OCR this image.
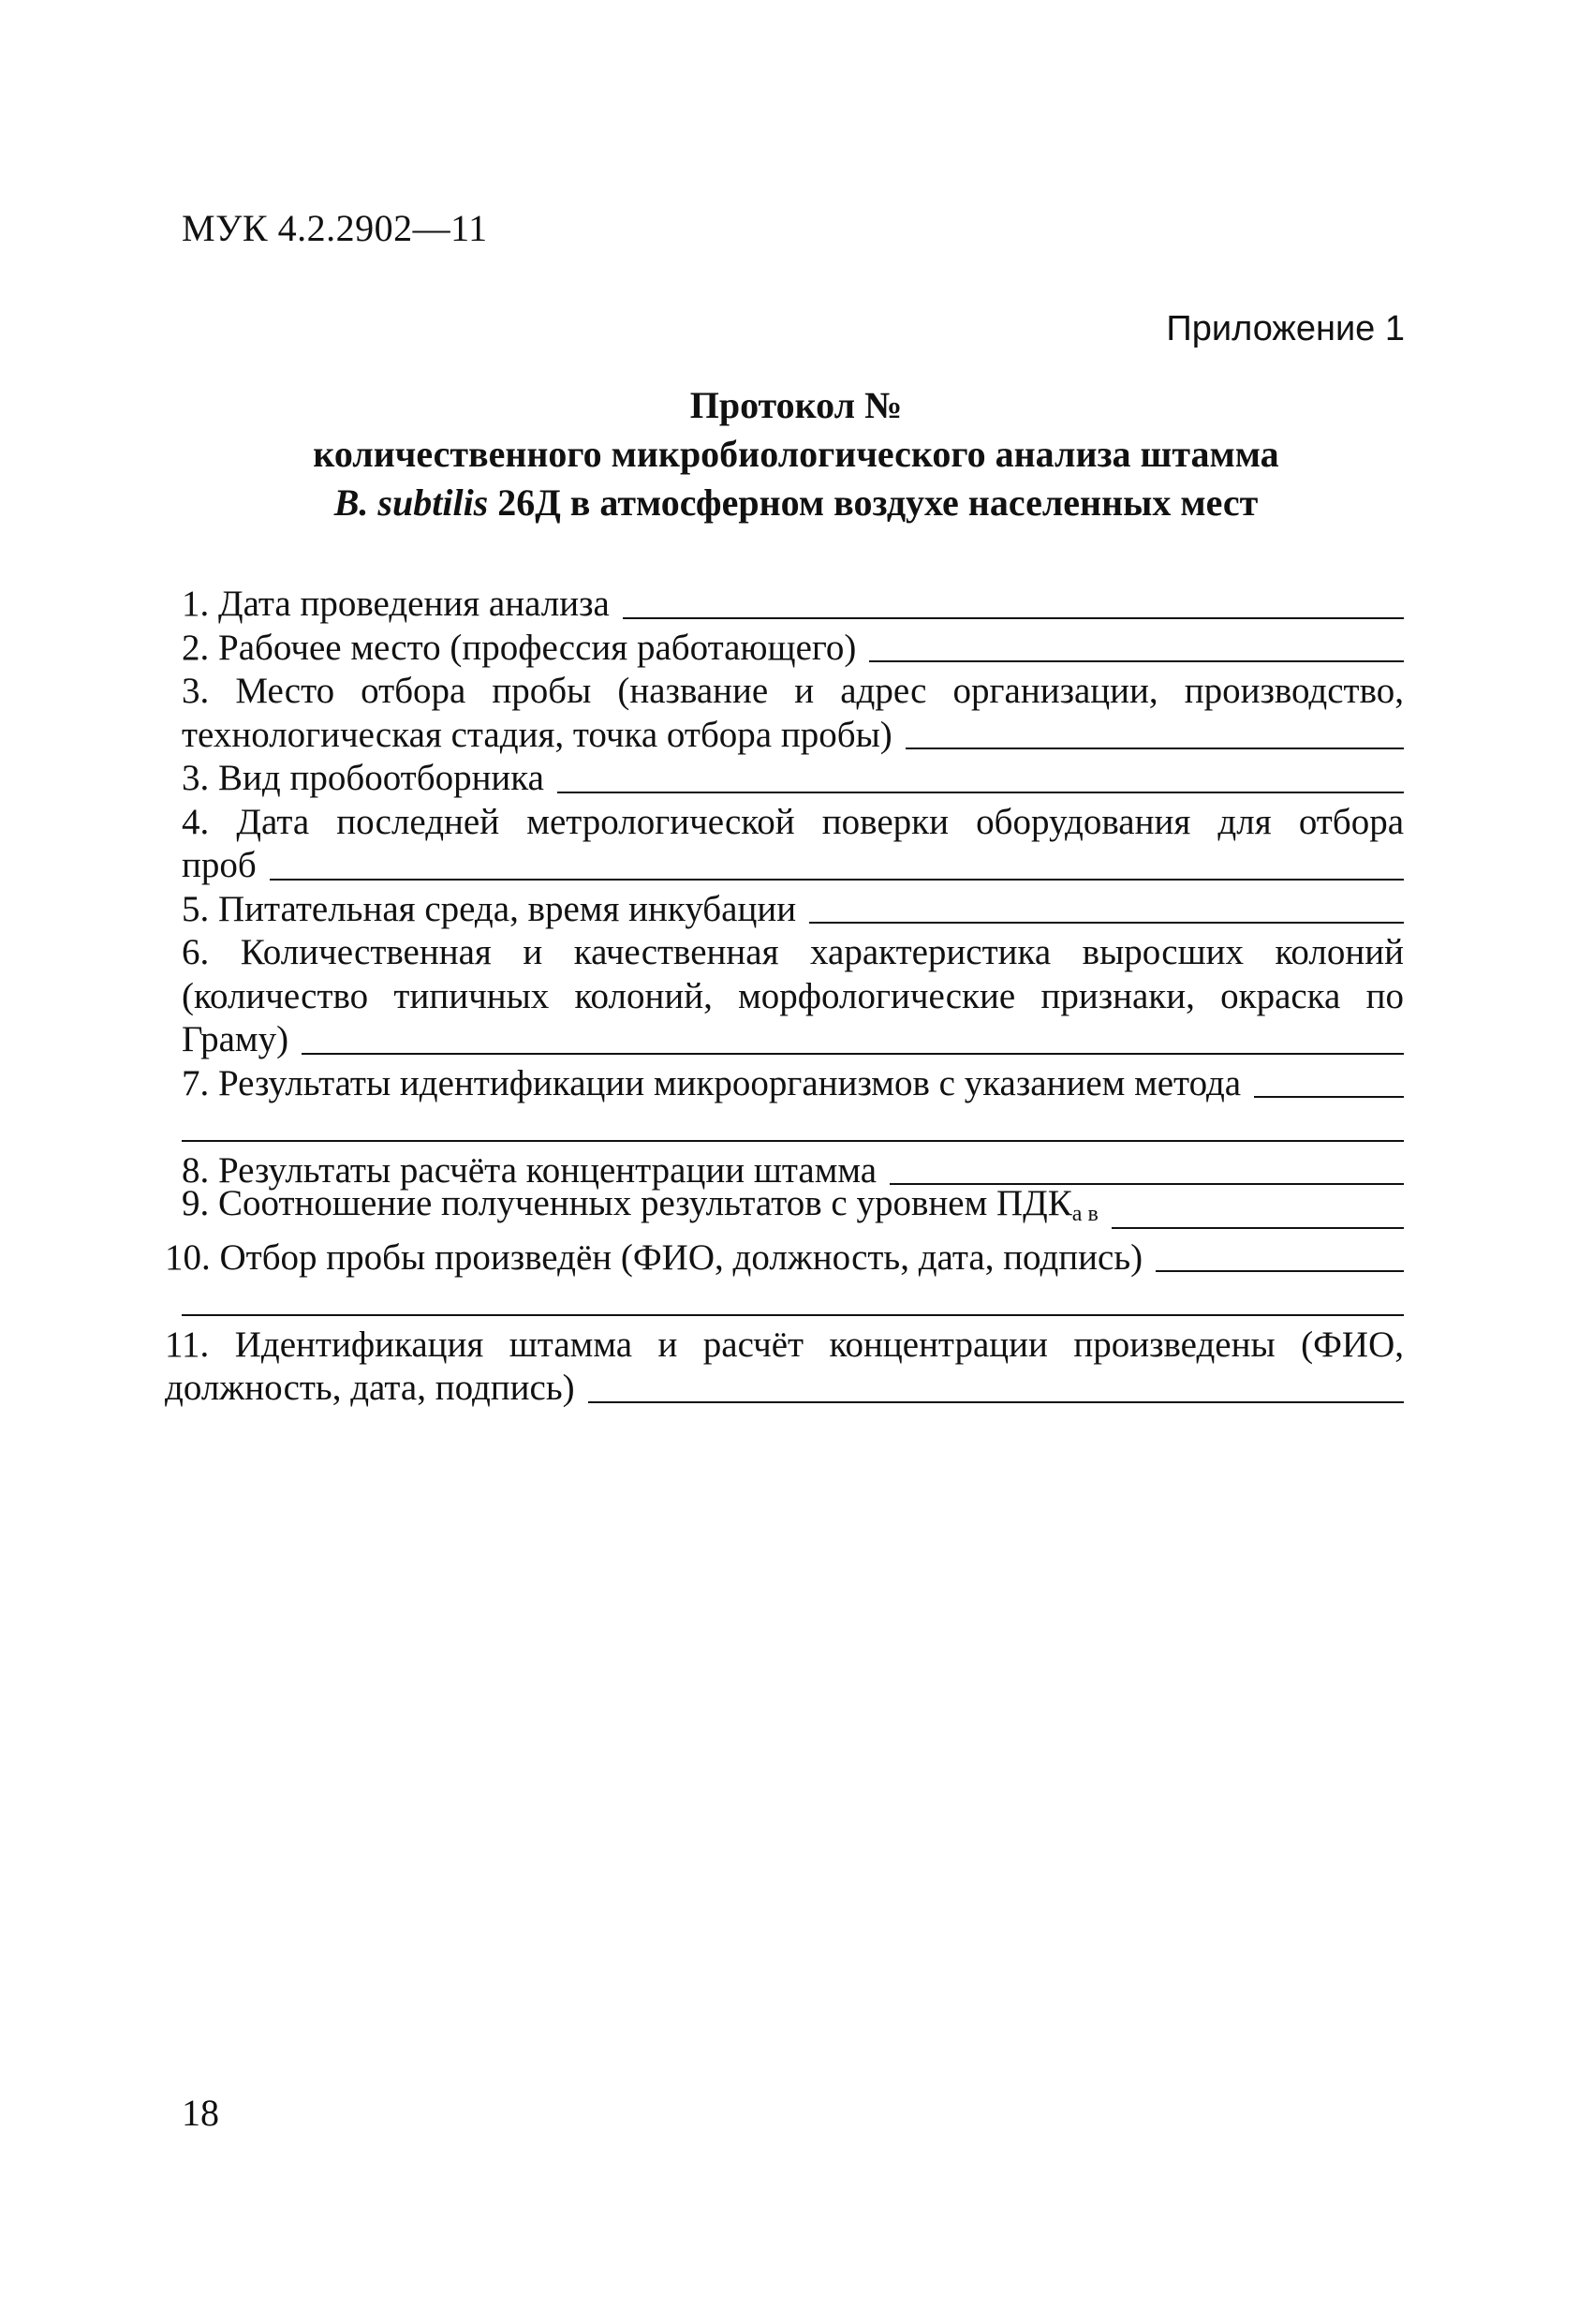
МУК 4.2.2902—11
Приложение 1
Протокол №
количественного микробиологического анализа штамма
B. subtilis 26Д в атмосферном воздухе населенных мест
1. Дата проведения анализа
2. Рабочее место (профессия работающего)
3. Место отбора пробы (название и адрес организации, производство,
технологическая стадия, точка отбора пробы)
3. Вид пробоотборника
4. Дата последней метрологической поверки оборудования для отбора
проб
5. Питательная среда, время инкубации
6. Количественная и качественная характеристика выросших колоний
(количество типичных колоний, морфологические признаки, окраска по
Граму)
7. Результаты идентификации микроорганизмов с указанием метода
8. Результаты расчёта концентрации штамма
9. Соотношение полученных результатов с уровнем $ПДК_{а в}$
10. Отбор пробы произведён (ФИО, должность, дата, подпись)
11. Идентификация штамма и расчёт концентрации произведены (ФИО,
должность, дата, подпись)
18
